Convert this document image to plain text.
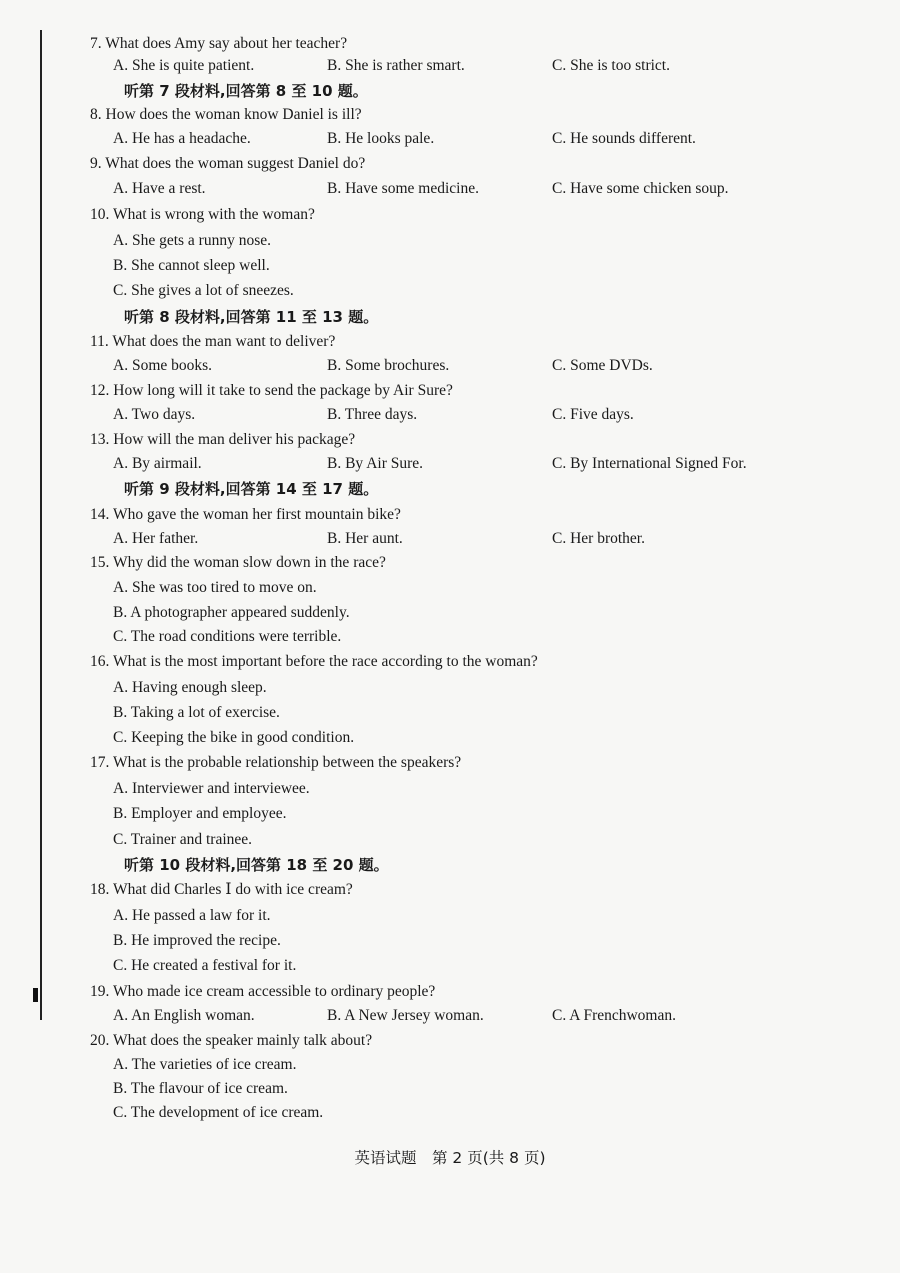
7. What does Amy say about her teacher?
A. She is quite patient.	B. She is rather smart.	C. She is too strict.
听第 7 段材料,回答第 8 至 10 题。
8. How does the woman know Daniel is ill?
A. He has a headache.	B. He looks pale.	C. He sounds different.
9. What does the woman suggest Daniel do?
A. Have a rest.	B. Have some medicine.	C. Have some chicken soup.
10. What is wrong with the woman?
A. She gets a runny nose.
B. She cannot sleep well.
C. She gives a lot of sneezes.
听第 8 段材料,回答第 11 至 13 题。
11. What does the man want to deliver?
A. Some books.	B. Some brochures.	C. Some DVDs.
12. How long will it take to send the package by Air Sure?
A. Two days.	B. Three days.	C. Five days.
13. How will the man deliver his package?
A. By airmail.	B. By Air Sure.	C. By International Signed For.
听第 9 段材料,回答第 14 至 17 题。
14. Who gave the woman her first mountain bike?
A. Her father.	B. Her aunt.	C. Her brother.
15. Why did the woman slow down in the race?
A. She was too tired to move on.
B. A photographer appeared suddenly.
C. The road conditions were terrible.
16. What is the most important before the race according to the woman?
A. Having enough sleep.
B. Taking a lot of exercise.
C. Keeping the bike in good condition.
17. What is the probable relationship between the speakers?
A. Interviewer and interviewee.
B. Employer and employee.
C. Trainer and trainee.
听第 10 段材料,回答第 18 至 20 题。
18. What did Charles Ⅰ do with ice cream?
A. He passed a law for it.
B. He improved the recipe.
C. He created a festival for it.
19. Who made ice cream accessible to ordinary people?
A. An English woman.	B. A New Jersey woman.	C. A Frenchwoman.
20. What does the speaker mainly talk about?
A. The varieties of ice cream.
B. The flavour of ice cream.
C. The development of ice cream.
英语试题　第 2 页(共 8 页)
